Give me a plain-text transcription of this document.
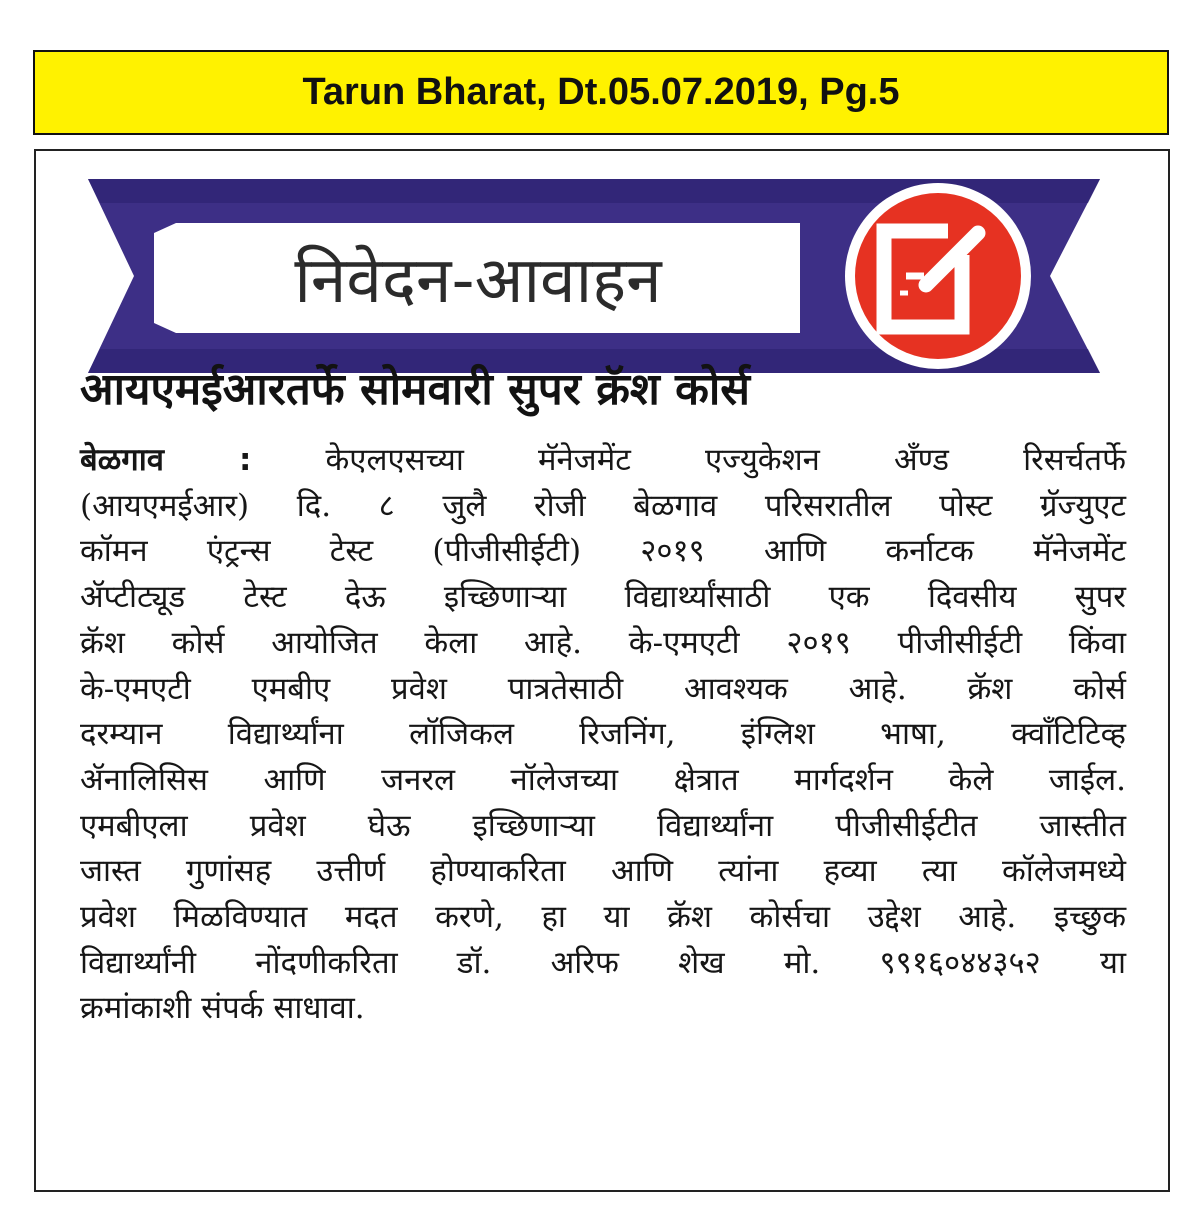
Tarun Bharat, Dt.05.07.2019, Pg.5
निवेदन-आवाहन
आयएमईआरतर्फे सोमवारी सुपर क्रॅश कोर्स
बेळगाव : केएलएसच्या मॅनेजमेंट एज्युकेशन अँण्ड रिसर्चतर्फे
(आयएमईआर) दि. ८ जुलै रोजी बेळगाव परिसरातील पोस्ट ग्रॅज्युएट
कॉमन एंट्रन्स टेस्ट (पीजीसीईटी) २०१९ आणि कर्नाटक मॅनेजमेंट
ॲप्टीट्यूड टेस्ट देऊ इच्छिणाऱ्या विद्यार्थ्यांसाठी एक दिवसीय सुपर
क्रॅश कोर्स आयोजित केला आहे. के-एमएटी २०१९ पीजीसीईटी किंवा
के-एमएटी एमबीए प्रवेश पात्रतेसाठी आवश्यक आहे. क्रॅश कोर्स
दरम्यान विद्यार्थ्यांना लॉजिकल रिजनिंग, इंग्लिश भाषा, क्वॉंटिटिव्ह
ॲनालिसिस आणि जनरल नॉलेजच्या क्षेत्रात मार्गदर्शन केले जाईल.
एमबीएला प्रवेश घेऊ इच्छिणाऱ्या विद्यार्थ्यांना पीजीसीईटीत जास्तीत
जास्त गुणांसह उत्तीर्ण होण्याकरिता आणि त्यांना हव्या त्या कॉलेजमध्ये
प्रवेश मिळविण्यात मदत करणे, हा या क्रॅश कोर्सचा उद्देश आहे. इच्छुक
विद्यार्थ्यांनी नोंदणीकरिता डॉ. अरिफ शेख मो. ९९१६०४४३५२ या
क्रमांकाशी संपर्क साधावा.
